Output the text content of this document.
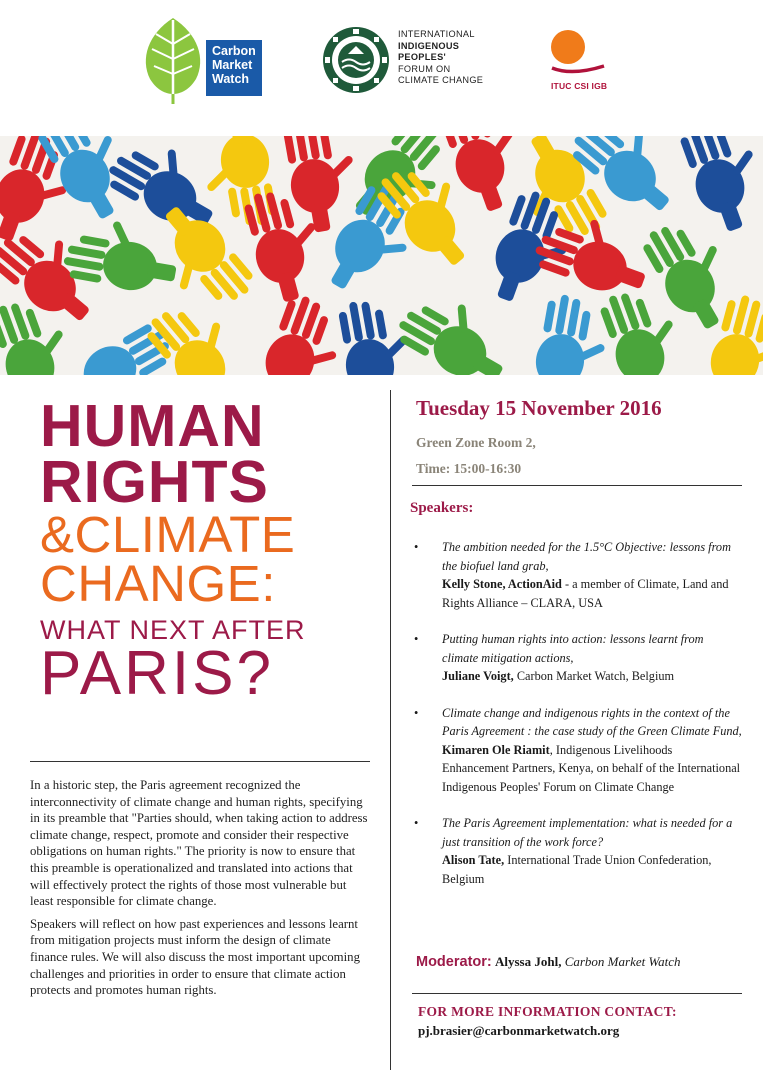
Carbon
Market
Watch
INTERNATIONAL
INDIGENOUS
PEOPLES'
FORUM ON
CLIMATE CHANGE
ITUC CSI IGB
HUMAN
RIGHTS
&CLIMATE
CHANGE:
WHAT NEXT AFTER
PARIS?

In a historic step, the Paris agreement recognized the interconnectivity of climate change and human rights, specifying in its preamble that "Parties should, when taking action to address climate change, respect, promote and consider their respective obligations on human rights." The priority is now to ensure that this preamble is operationalized and translated into actions that will effectively protect the rights of those most vulnerable but least responsible for climate change.

Speakers will reflect on how past experiences and lessons learnt from mitigation projects must inform the design of climate finance rules. We will also discuss the most important upcoming challenges and priorities in order to ensure that climate action protects and promotes human rights.

Tuesday 15 November 2016
Green Zone Room 2,
Time: 15:00-16:30
Speakers:
• The ambition needed for the 1.5°C Objective: lessons from the biofuel land grab,
Kelly Stone, ActionAid - a member of Climate, Land and Rights Alliance – CLARA, USA
• Putting human rights into action: lessons learnt from climate mitigation actions,
Juliane Voigt, Carbon Market Watch, Belgium
• Climate change and indigenous rights in the context of the Paris Agreement : the case study of the Green Climate Fund,
Kimaren Ole Riamit, Indigenous Livelihoods Enhancement Partners, Kenya, on behalf of the International Indigenous Peoples' Forum on Climate Change
• The Paris Agreement implementation: what is needed for a just transition of the work force?
Alison Tate, International Trade Union Confederation, Belgium
Moderator: Alyssa Johl, Carbon Market Watch
FOR MORE INFORMATION CONTACT:
pj.brasier@carbonmarketwatch.org
